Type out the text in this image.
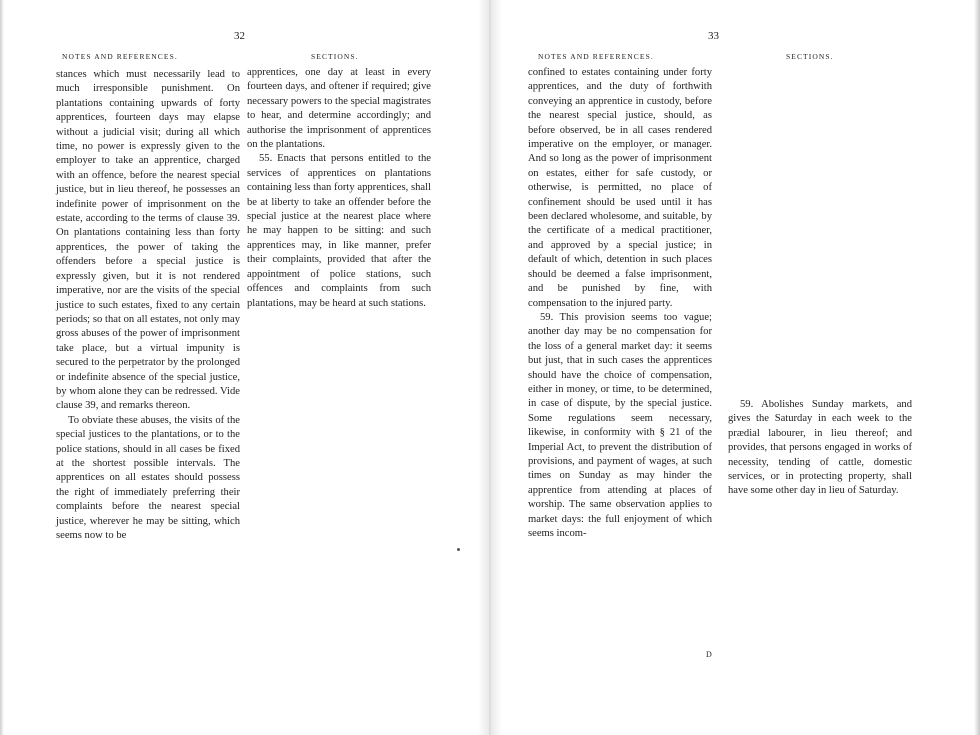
32
NOTES AND REFERENCES.	SECTIONS.

stances which must necessarily lead to much irresponsible punishment. On plantations containing upwards of forty apprentices, fourteen days may elapse without a judicial visit; during all which time, no power is expressly given to the employer to take an apprentice, charged with an offence, before the nearest special justice, but in lieu thereof, he possesses an indefinite power of imprisonment on the estate, according to the terms of clause 39. On plantations containing less than forty apprentices, the power of taking the offenders before a special justice is expressly given, but it is not rendered imperative, nor are the visits of the special justice to such estates, fixed to any certain periods; so that on all estates, not only may gross abuses of the power of imprisonment take place, but a virtual impunity is secured to the perpetrator by the prolonged or indefinite absence of the special justice, by whom alone they can be redressed. Vide clause 39, and remarks thereon.

To obviate these abuses, the visits of the special justices to the plantations, or to the police stations, should in all cases be fixed at the shortest possible intervals. The apprentices on all estates should possess the right of immediately preferring their complaints before the nearest special justice, wherever he may be sitting, which seems now to be

apprentices, one day at least in every fourteen days, and oftener if required; give necessary powers to the special magistrates to hear, and determine accordingly; and authorise the imprisonment of apprentices on the plantations.

55. Enacts that persons entitled to the services of apprentices on plantations containing less than forty apprentices, shall be at liberty to take an offender before the special justice at the nearest place where he may happen to be sitting: and such apprentices may, in like manner, prefer their complaints, provided that after the appointment of police stations, such offences and complaints from such plantations, may be heard at such stations.

33
NOTES AND REFERENCES.	SECTIONS.

confined to estates containing under forty apprentices, and the duty of forthwith conveying an apprentice in custody, before the nearest special justice, should, as before observed, be in all cases rendered imperative on the employer, or manager. And so long as the power of imprisonment on estates, either for safe custody, or otherwise, is permitted, no place of confinement should be used until it has been declared wholesome, and suitable, by the certificate of a medical practitioner, and approved by a special justice; in default of which, detention in such places should be deemed a false imprisonment, and be punished by fine, with compensation to the injured party.

59. This provision seems too vague; another day may be no compensation for the loss of a general market day: it seems but just, that in such cases the apprentices should have the choice of compensation, either in money, or time, to be determined, in case of dispute, by the special justice. Some regulations seem necessary, likewise, in conformity with § 21 of the Imperial Act, to prevent the distribution of provisions, and payment of wages, at such times on Sunday as may hinder the apprentice from attending at places of worship. The same observation applies to market days: the full enjoyment of which seems incom-

59. Abolishes Sunday markets, and gives the Saturday in each week to the prædial labourer, in lieu thereof; and provides, that persons engaged in works of necessity, tending of cattle, domestic services, or in protecting property, shall have some other day in lieu of Saturday.

D
